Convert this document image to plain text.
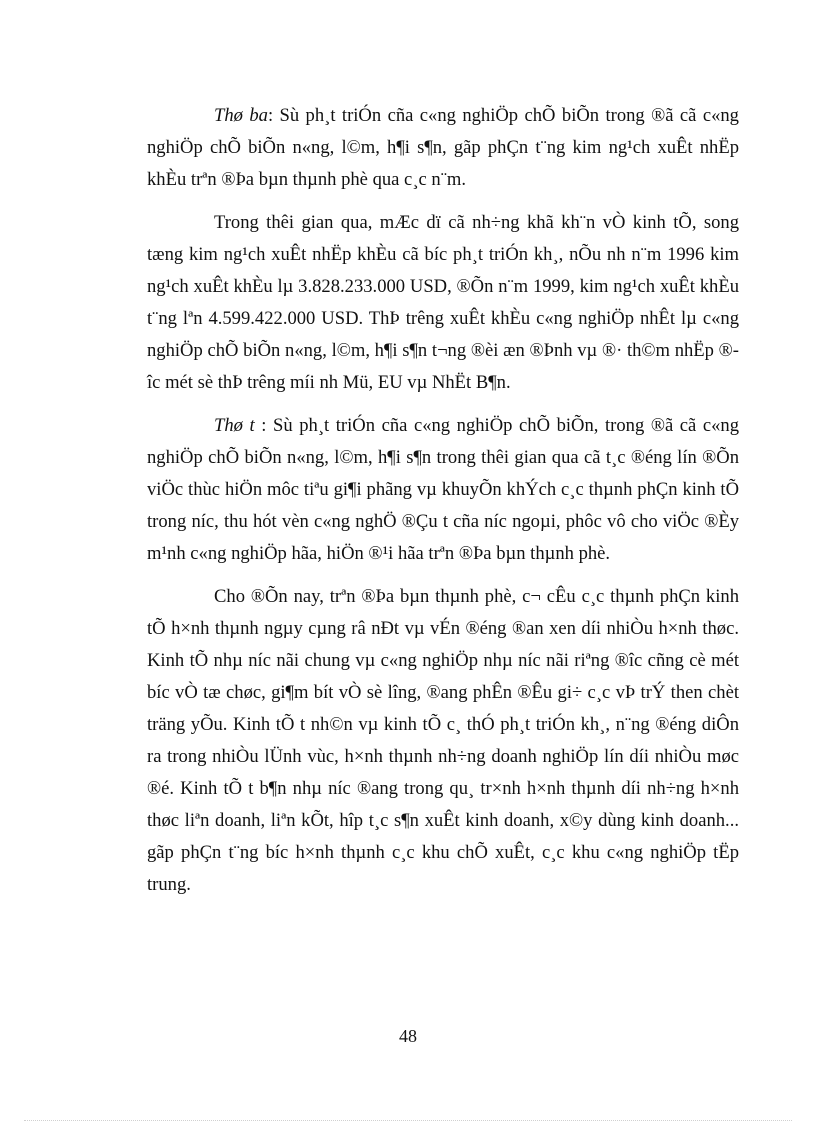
Thø ba: Sù ph¸t triÓn cña c«ng nghiÖp chÕ biÕn trong ®ã cã c«ng nghiÖp chÕ biÕn n«ng, l©m, h¶i s¶n, gãp phÇn t¨ng kim ng¹ch xuÊt nhËp khÈu trªn ®Þa bµn thµnh phè qua c¸c n¨m.

Trong thêi gian qua, mÆc dï cã nh÷ng khã kh¨n vÒ kinh tÕ, song tæng kim ng¹ch xuÊt nhËp khÈu cã bíc ph¸t triÓn kh¸, nÕu nh n¨m 1996 kim ng¹ch xuÊt khÈu lµ 3.828.233.000 USD, ®Õn n¨m 1999, kim ng¹ch xuÊt khÈu t¨ng lªn 4.599.422.000 USD. ThÞ trêng xuÊt khÈu c«ng nghiÖp nhÊt lµ c«ng nghiÖp chÕ biÕn n«ng, l©m, h¶i s¶n t¬ng ®èi æn ®Þnh vµ ®· th©m nhËp ®îc mét sè thÞ trêng míi nh Mü, EU vµ NhËt B¶n.

Thø t : Sù ph¸t triÓn cña c«ng nghiÖp chÕ biÕn, trong ®ã cã c«ng nghiÖp chÕ biÕn n«ng, l©m, h¶i s¶n trong thêi gian qua cã t¸c ®éng lín ®Õn viÖc thùc hiÖn môc tiªu gi¶i phãng vµ khuyÕn khÝch c¸c thµnh phÇn kinh tÕ trong níc, thu hót vèn c«ng nghÖ ®Çu t cña níc ngoµi, phôc vô cho viÖc ®Èy m¹nh c«ng nghiÖp hãa, hiÖn ®¹i hãa trªn ®Þa bµn thµnh phè.

Cho ®Õn nay, trªn ®Þa bµn thµnh phè, c¬ cÊu c¸c thµnh phÇn kinh tÕ h×nh thµnh ngµy cµng râ nÐt vµ vÉn ®éng ®an xen díi nhiÒu h×nh thøc. Kinh tÕ nhµ níc nãi chung vµ c«ng nghiÖp nhµ níc nãi riªng ®îc cñng cè mét bíc vÒ tæ chøc, gi¶m bít vÒ sè lîng, ®ang phÊn ®Êu gi÷ c¸c vÞ trÝ then chèt träng yÕu. Kinh tÕ t nh©n vµ kinh tÕ c¸ thÓ ph¸t triÓn kh¸, n¨ng ®éng diÔn ra trong nhiÒu lÜnh vùc, h×nh thµnh nh÷ng doanh nghiÖp lín díi nhiÒu møc ®é. Kinh tÕ t b¶n nhµ níc ®ang trong qu¸ tr×nh h×nh thµnh díi nh÷ng h×nh thøc liªn doanh, liªn kÕt, hîp t¸c s¶n xuÊt kinh doanh, x©y dùng kinh doanh... gãp phÇn t¨ng bíc h×nh thµnh c¸c khu chÕ xuÊt, c¸c khu c«ng nghiÖp tËp trung.

48
